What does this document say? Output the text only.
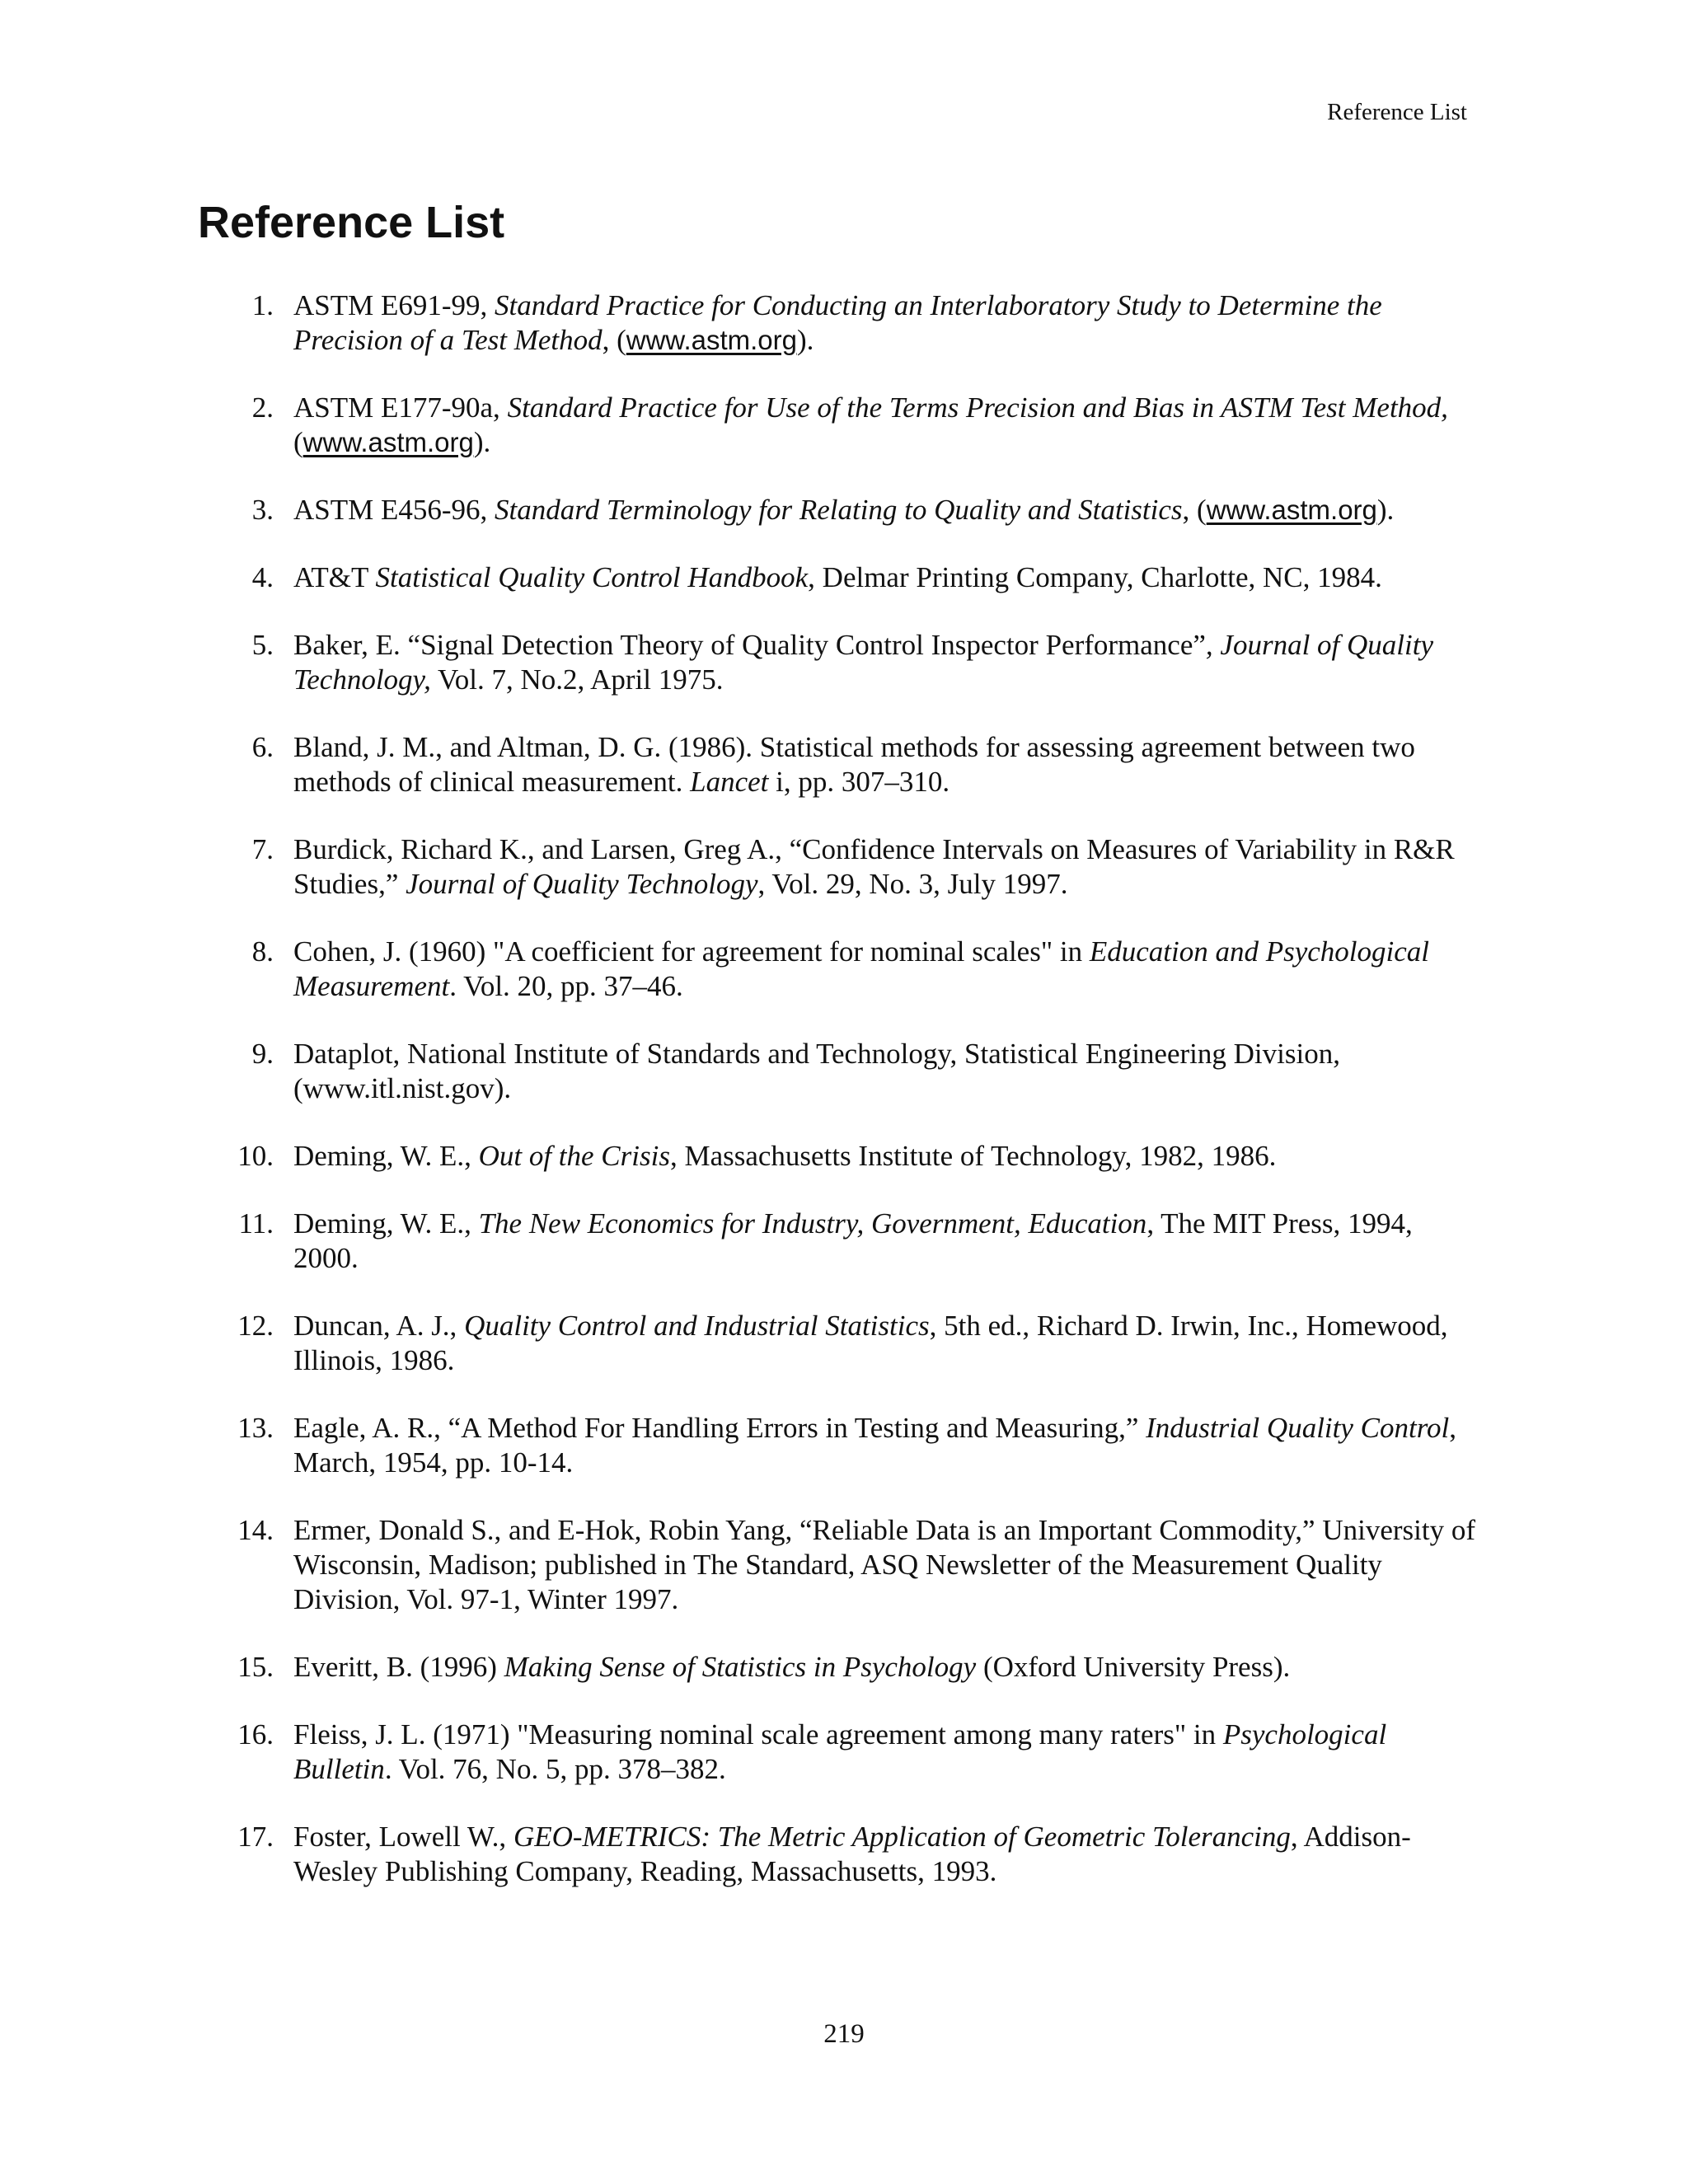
Reference List
Reference List
1. ASTM E691-99, Standard Practice for Conducting an Interlaboratory Study to Determine the Precision of a Test Method, (www.astm.org).
2. ASTM E177-90a, Standard Practice for Use of the Terms Precision and Bias in ASTM Test Method, (www.astm.org).
3. ASTM E456-96, Standard Terminology for Relating to Quality and Statistics, (www.astm.org).
4. AT&T Statistical Quality Control Handbook, Delmar Printing Company, Charlotte, NC, 1984.
5. Baker, E. “Signal Detection Theory of Quality Control Inspector Performance”, Journal of Quality Technology, Vol. 7, No.2, April 1975.
6. Bland, J. M., and Altman, D. G. (1986). Statistical methods for assessing agreement between two methods of clinical measurement. Lancet i, pp. 307–310.
7. Burdick, Richard K., and Larsen, Greg A., “Confidence Intervals on Measures of Variability in R&R Studies,” Journal of Quality Technology, Vol. 29, No. 3, July 1997.
8. Cohen, J. (1960) "A coefficient for agreement for nominal scales" in Education and Psychological Measurement. Vol. 20, pp. 37–46.
9. Dataplot, National Institute of Standards and Technology, Statistical Engineering Division, (www.itl.nist.gov).
10. Deming, W. E., Out of the Crisis, Massachusetts Institute of Technology, 1982, 1986.
11. Deming, W. E., The New Economics for Industry, Government, Education, The MIT Press, 1994, 2000.
12. Duncan, A. J., Quality Control and Industrial Statistics, 5th ed., Richard D. Irwin, Inc., Homewood, Illinois, 1986.
13. Eagle, A. R., “A Method For Handling Errors in Testing and Measuring,” Industrial Quality Control, March, 1954, pp. 10-14.
14. Ermer, Donald S., and E-Hok, Robin Yang, “Reliable Data is an Important Commodity,” University of Wisconsin, Madison; published in The Standard, ASQ Newsletter of the Measurement Quality Division, Vol. 97-1, Winter 1997.
15. Everitt, B. (1996) Making Sense of Statistics in Psychology (Oxford University Press).
16. Fleiss, J. L. (1971) "Measuring nominal scale agreement among many raters" in Psychological Bulletin. Vol. 76, No. 5, pp. 378–382.
17. Foster, Lowell W., GEO-METRICS: The Metric Application of Geometric Tolerancing, Addison-Wesley Publishing Company, Reading, Massachusetts, 1993.
219
